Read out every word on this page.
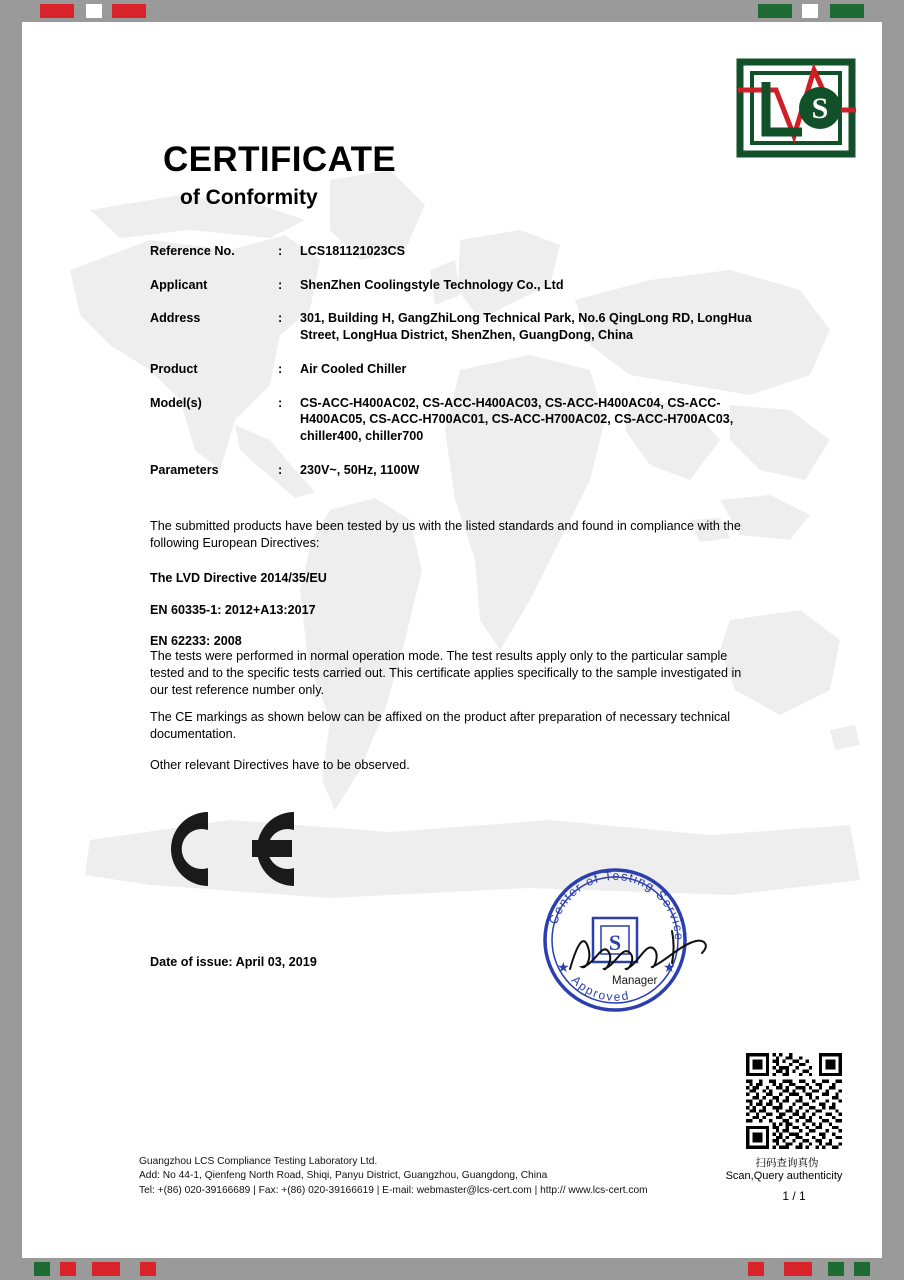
S
CERTIFICATE
of Conformity
Reference No.	:	LCS181121023CS
Applicant	:	ShenZhen Coolingstyle Technology Co., Ltd
Address	:	301, Building H, GangZhiLong Technical Park, No.6 QingLong RD, LongHua Street, LongHua District, ShenZhen, GuangDong, China
Product	:	Air Cooled Chiller
Model(s)	:	CS-ACC-H400AC02, CS-ACC-H400AC03, CS-ACC-H400AC04, CS-ACC-H400AC05, CS-ACC-H700AC01, CS-ACC-H700AC02, CS-ACC-H700AC03, chiller400, chiller700
Parameters	:	230V~, 50Hz, 1100W

The submitted products have been tested by us with the listed standards and found in compliance with the following European Directives:

The LVD Directive 2014/35/EU

EN 60335-1: 2012+A13:2017

EN 62233: 2008

The tests were performed in normal operation mode. The test results apply only to the particular sample tested and to the specific tests carried out. This certificate applies specifically to the sample investigated in our test reference number only.

The CE markings as shown below can be affixed on the product after preparation of necessary technical documentation.

Other relevant Directives have to be observed.

Date of issue: April 03, 2019
S
Center of Testing Service
Approved
★	★
Manager
扫码查询真伪
Scan,Query authenticity
1 / 1
Guangzhou LCS Compliance Testing Laboratory Ltd.
Add: No 44-1, Qienfeng North Road, Shiqi, Panyu District, Guangzhou, Guangdong, China
Tel: +(86) 020-39166689 | Fax: +(86) 020-39166619 | E-mail: webmaster@lcs-cert.com | http:// www.lcs-cert.com
